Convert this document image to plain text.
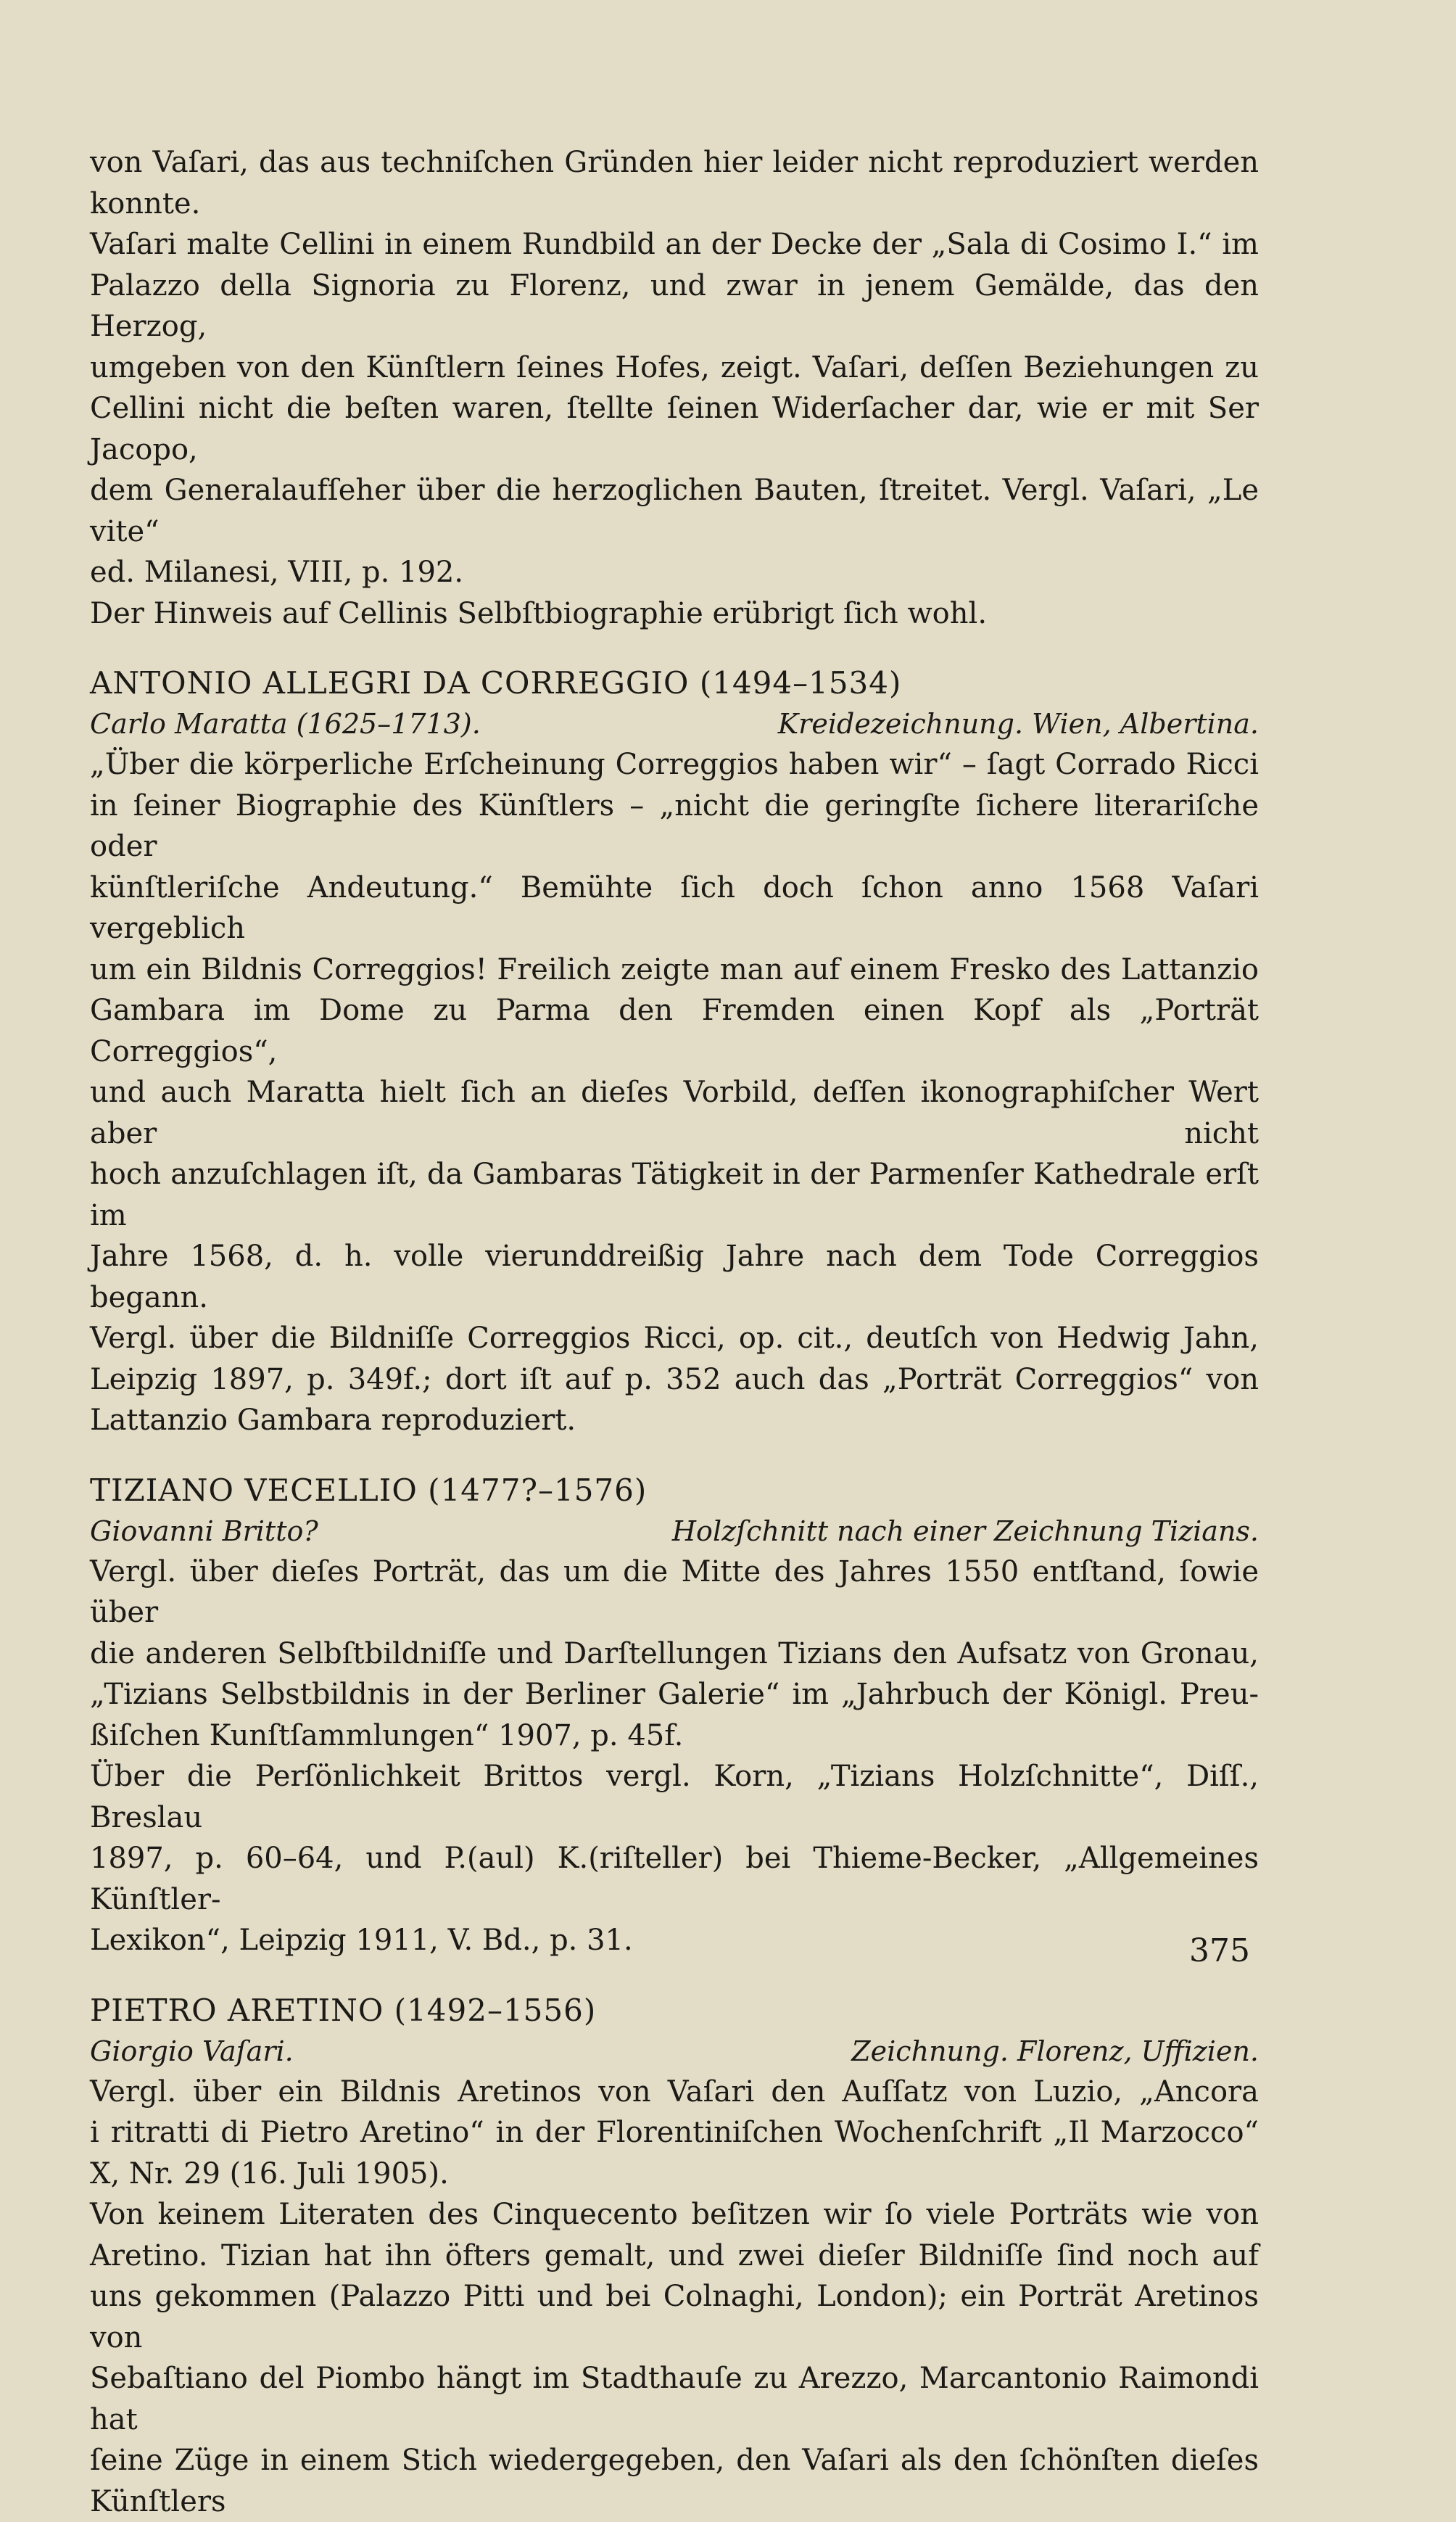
von Vaſari, das aus techniſchen Gründen hier leider nicht reproduziert werden konnte.

Vaſari malte Cellini in einem Rundbild an der Decke der „Sala di Cosimo I.“ im

Palazzo della Signoria zu Florenz, und zwar in jenem Gemälde, das den Herzog,

umgeben von den Künſtlern ſeines Hofes, zeigt. Vaſari, deſſen Beziehungen zu

Cellini nicht die beſten waren, ſtellte ſeinen Widerſacher dar, wie er mit Ser Jacopo,

dem Generalaufſeher über die herzoglichen Bauten, ſtreitet. Vergl. Vaſari, „Le vite“

ed. Milanesi, VIII, p. 192.

Der Hinweis auf Cellinis Selbſtbiographie erübrigt ſich wohl.

ANTONIO ALLEGRI DA CORREGGIO (1494–1534)

Carlo Maratta (1625–1713).	Kreidezeichnung. Wien, Albertina.

„Über die körperliche Erſcheinung Correggios haben wir“ – ſagt Corrado Ricci

in ſeiner Biographie des Künſtlers – „nicht die geringſte ſichere literariſche oder

künſtleriſche Andeutung.“ Bemühte ſich doch ſchon anno 1568 Vaſari vergeblich

um ein Bildnis Correggios! Freilich zeigte man auf einem Fresko des Lattanzio

Gambara im Dome zu Parma den Fremden einen Kopf als „Porträt Correggios“,

und auch Maratta hielt ſich an dieſes Vorbild, deſſen ikonographiſcher Wert aber nicht

hoch anzuſchlagen iſt, da Gambaras Tätigkeit in der Parmenſer Kathedrale erſt im

Jahre 1568, d. h. volle vierunddreißig Jahre nach dem Tode Correggios begann.

Vergl. über die Bildniſſe Correggios Ricci, op. cit., deutſch von Hedwig Jahn,

Leipzig 1897, p. 349f.; dort iſt auf p. 352 auch das „Porträt Correggios“ von

Lattanzio Gambara reproduziert.

TIZIANO VECELLIO (1477?–1576)

Giovanni Britto?	Holzſchnitt nach einer Zeichnung Tizians.

Vergl. über dieſes Porträt, das um die Mitte des Jahres 1550 entſtand, ſowie über

die anderen Selbſtbildniſſe und Darſtellungen Tizians den Aufsatz von Gronau,

„Tizians Selbstbildnis in der Berliner Galerie“ im „Jahrbuch der Königl. Preu-

ßiſchen Kunſtſammlungen“ 1907, p. 45f.

Über die Perſönlichkeit Brittos vergl. Korn, „Tizians Holzſchnitte“, Diſſ., Breslau

1897, p. 60–64, und P.(aul) K.(riſteller) bei Thieme-Becker, „Allgemeines Künſtler-

Lexikon“, Leipzig 1911, V. Bd., p. 31.

PIETRO ARETINO (1492–1556)

Giorgio Vaſari.	Zeichnung. Florenz, Uffizien.

Vergl. über ein Bildnis Aretinos von Vaſari den Auſſatz von Luzio, „Ancora

i ritratti di Pietro Aretino“ in der Florentiniſchen Wochenſchrift „Il Marzocco“

X, Nr. 29 (16. Juli 1905).

Von keinem Literaten des Cinquecento beſitzen wir ſo viele Porträts wie von

Aretino. Tizian hat ihn öfters gemalt, und zwei dieſer Bildniſſe ſind noch auf

uns gekommen (Palazzo Pitti und bei Colnaghi, London); ein Porträt Aretinos von

Sebaſtiano del Piombo hängt im Stadthauſe zu Arezzo, Marcantonio Raimondi hat

ſeine Züge in einem Stich wiedergegeben, den Vaſari als den ſchönſten dieſes Künſtlers

375
